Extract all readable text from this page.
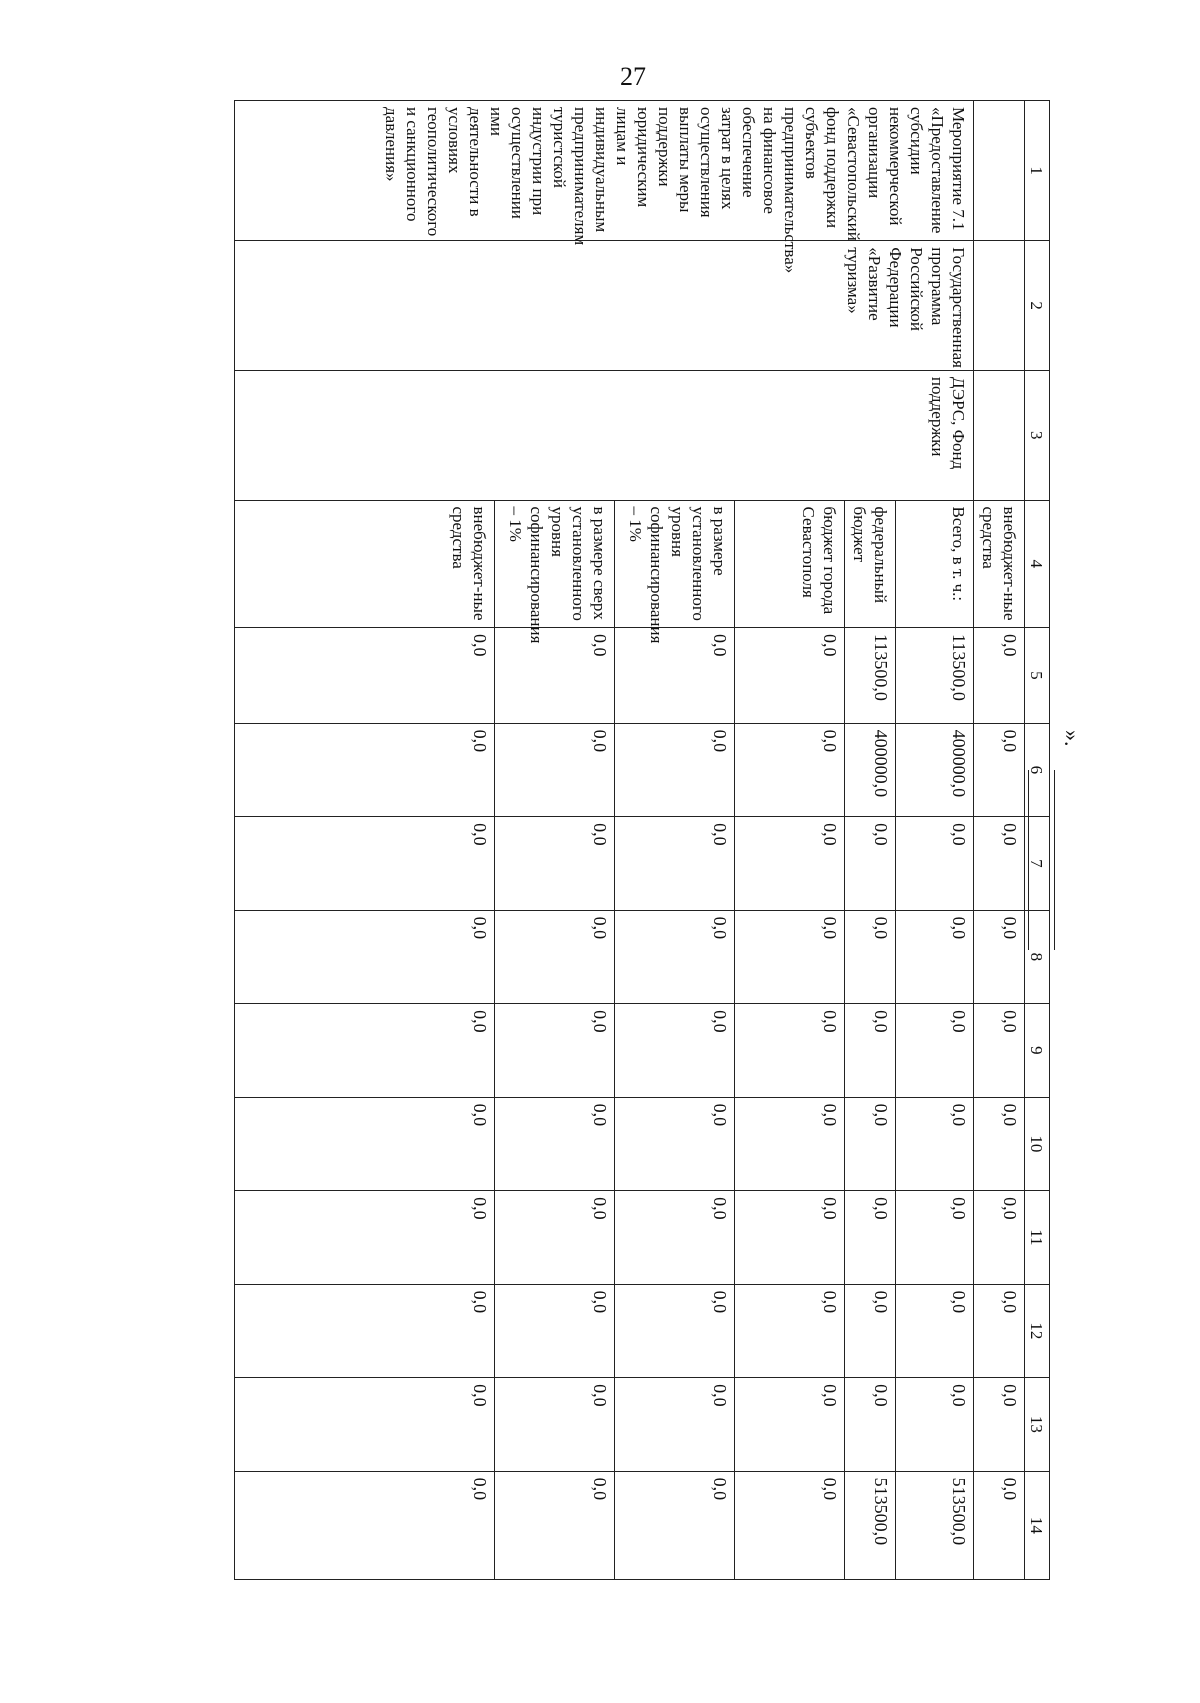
27
1	2	3	4	5	6	7	8	9	10	11	12	13	14
			внебюджет-ные средства	0,0	0,0	0,0	0,0	0,0	0,0	0,0	0,0	0,0	0,0
Мероприятие 7.1 «Предоставление субсидии некоммерческой организации «Севастопольский фонд поддержки субъектов предпринимательства» на финансовое обеспечение затрат в целях осуществления выплаты меры поддержки юридическим лицам и индивидуальным предпринимателям туристской индустрии при осуществлении ими деятельности в условиях геополитического и санкционного давления»	Государственная программа Российской Федерации «Развитие туризма»	ДЭРС, Фонд поддержки	Всего, в т. ч.:	113500,0	400000,0	0,0	0,0	0,0	0,0	0,0	0,0	0,0	513500,0
			федеральный бюджет	113500,0	400000,0	0,0	0,0	0,0	0,0	0,0	0,0	0,0	513500,0
			бюджет города Севастополя	0,0	0,0	0,0	0,0	0,0	0,0	0,0	0,0	0,0	0,0
			в размере установленного уровня софинансирования – 1%	0,0	0,0	0,0	0,0	0,0	0,0	0,0	0,0	0,0	0,0
			в размере сверх установленного уровня софинансирования – 1%	0,0	0,0	0,0	0,0	0,0	0,0	0,0	0,0	0,0	0,0
			внебюджет-ные средства	0,0	0,0	0,0	0,0	0,0	0,0	0,0	0,0	0,0	0,0
».
